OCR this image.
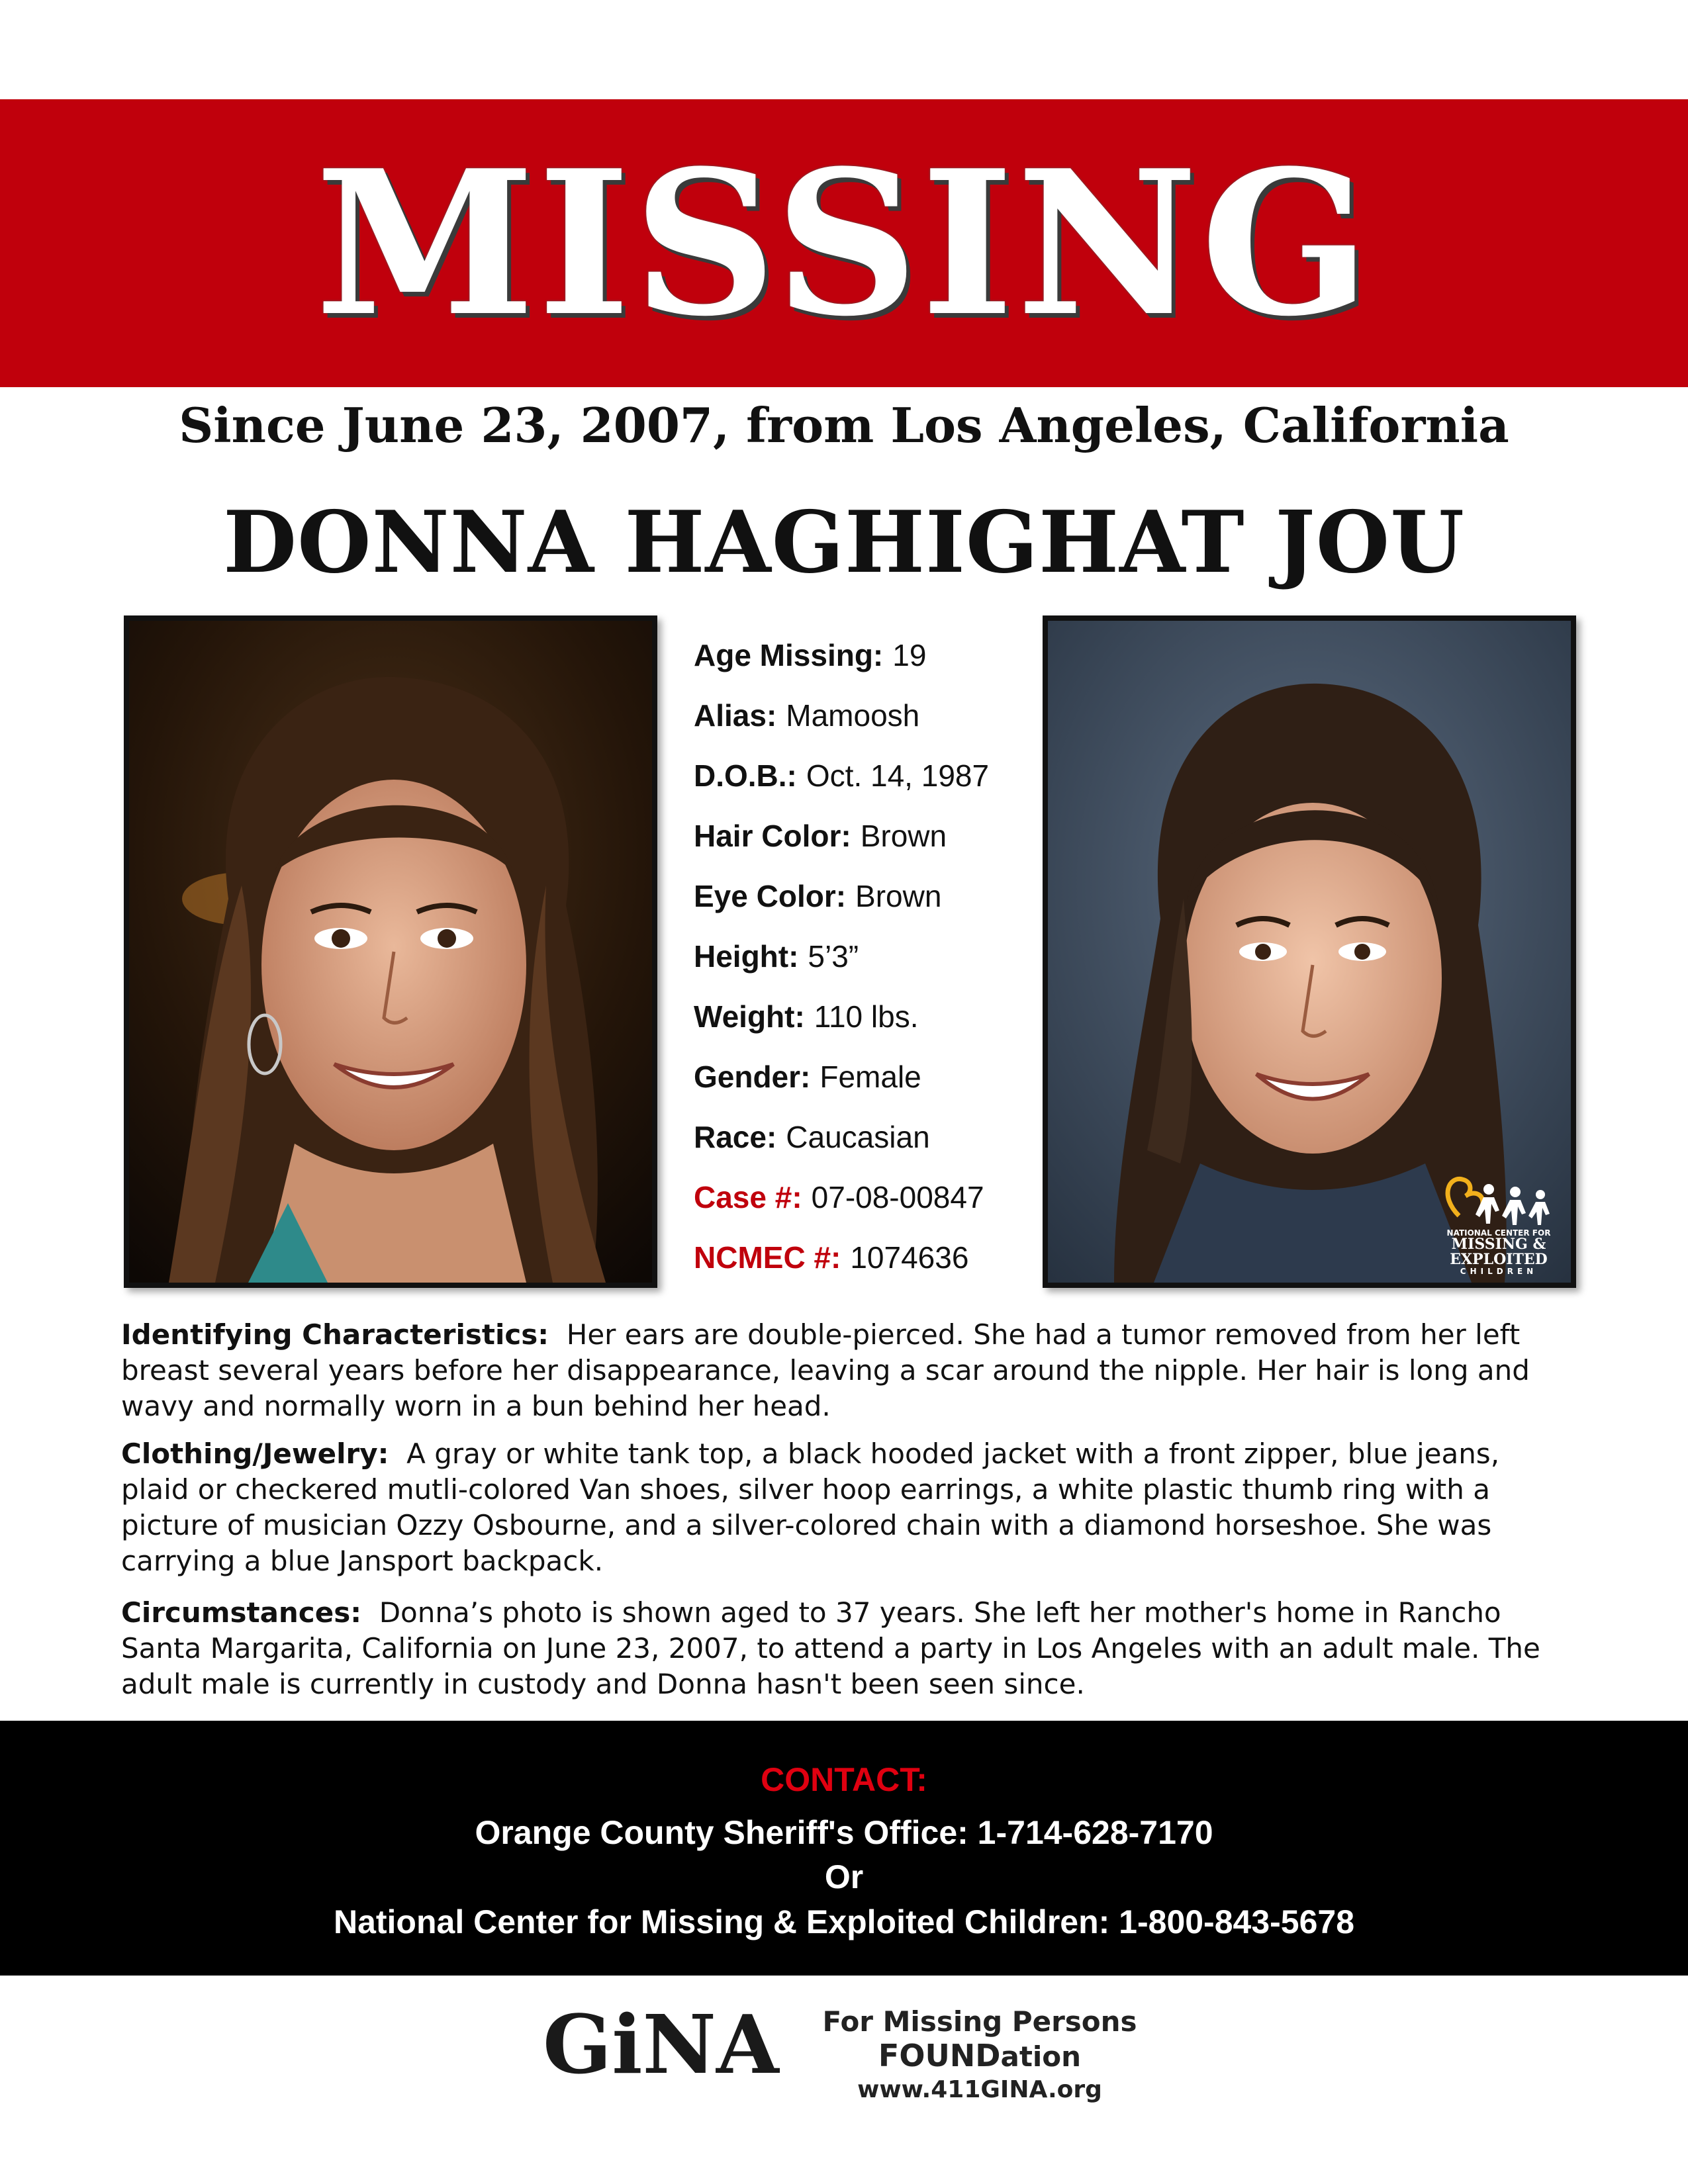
MISSING
Since June 23, 2007, from Los Angeles, California
DONNA HAGHIGHAT JOU
Age Missing: 19
Alias: Mamoosh
D.O.B.: Oct. 14, 1987
Hair Color: Brown
Eye Color: Brown
Height: 5’3”
Weight: 110 lbs.
Gender: Female
Race: Caucasian
Case #: 07-08-00847
NCMEC #: 1074636
NATIONAL CENTER FOR
MISSING &
EXPLOITED
CHILDREN
Identifying Characteristics: Her ears are double-pierced. She had a tumor removed from her left breast several years before her disappearance, leaving a scar around the nipple. Her hair is long and wavy and normally worn in a bun behind her head.
Clothing/Jewelry: A gray or white tank top, a black hooded jacket with a front zipper, blue jeans, plaid or checkered mutli-colored Van shoes, silver hoop earrings, a white plastic thumb ring with a picture of musician Ozzy Osbourne, and a silver-colored chain with a diamond horseshoe. She was carrying a blue Jansport backpack.
Circumstances: Donna’s photo is shown aged to 37 years. She left her mother's home in Rancho Santa Margarita, California on June 23, 2007, to attend a party in Los Angeles with an adult male. The adult male is currently in custody and Donna hasn't been seen since.
CONTACT:
Orange County Sheriff's Office: 1-714-628-7170
Or
National Center for Missing & Exploited Children: 1-800-843-5678
GiNA	For Missing Persons FOUNDation
www.411GINA.org
